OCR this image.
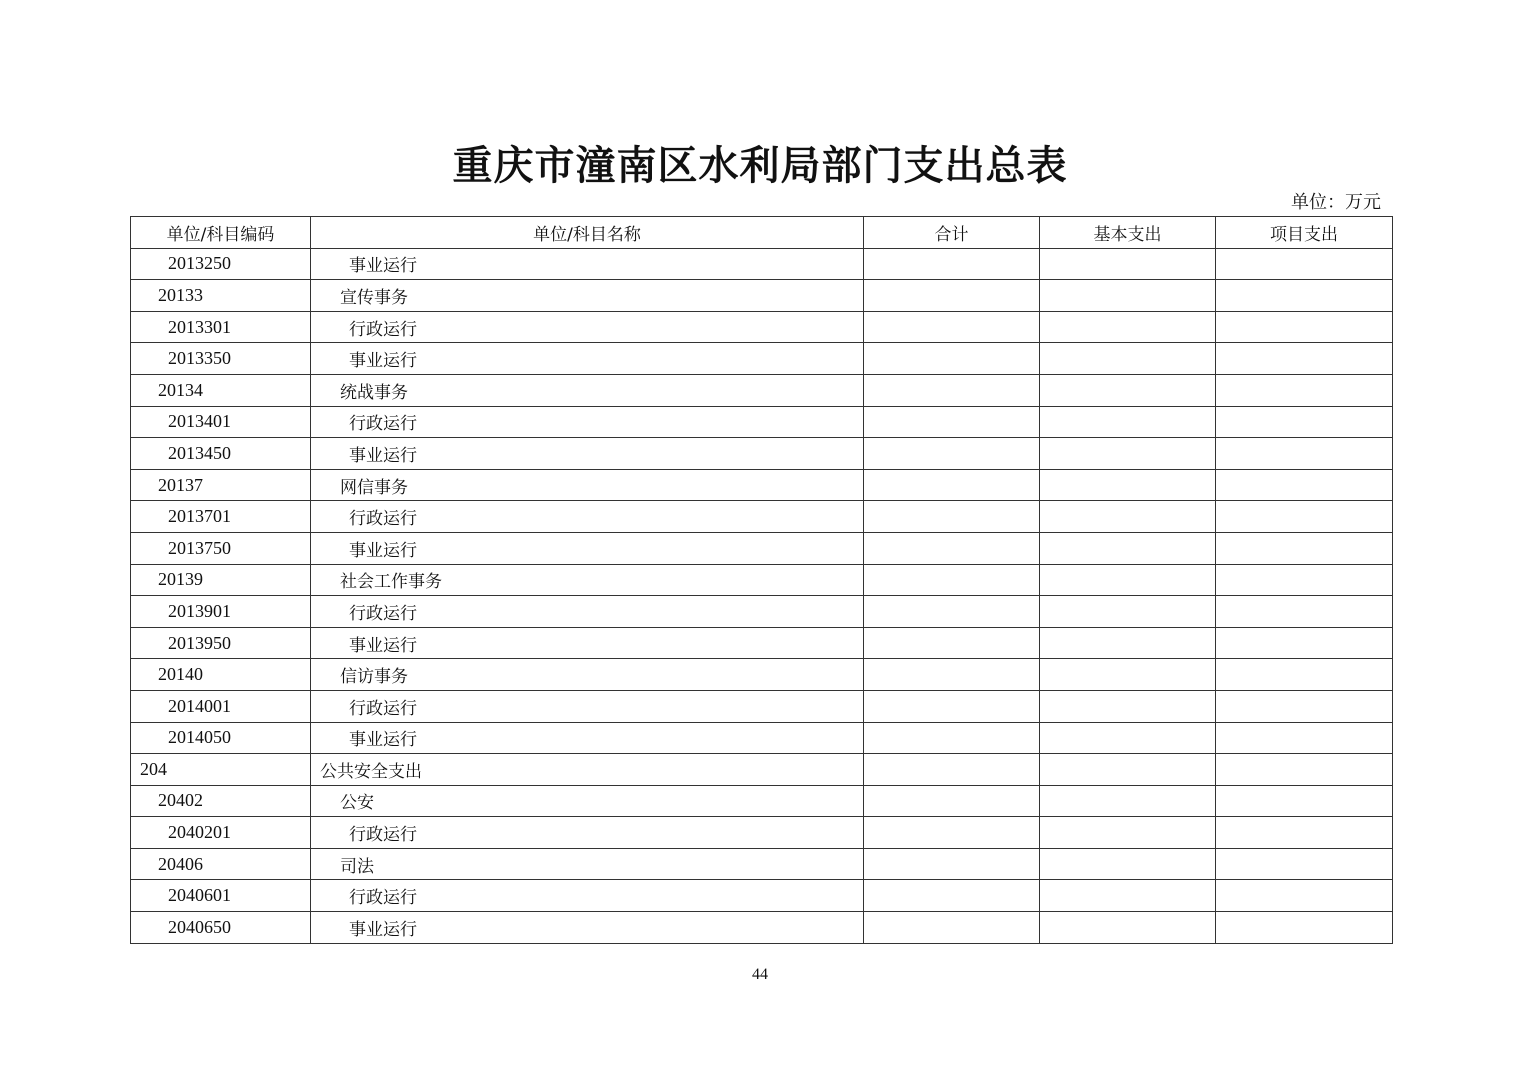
重庆市潼南区水利局部门支出总表
单位：万元
单位/科目编码	单位/科目名称	合计	基本支出	项目支出
2013250	事业运行			
20133	宣传事务			
2013301	行政运行			
2013350	事业运行			
20134	统战事务			
2013401	行政运行			
2013450	事业运行			
20137	网信事务			
2013701	行政运行			
2013750	事业运行			
20139	社会工作事务			
2013901	行政运行			
2013950	事业运行			
20140	信访事务			
2014001	行政运行			
2014050	事业运行			
204	公共安全支出			
20402	公安			
2040201	行政运行			
20406	司法			
2040601	行政运行			
2040650	事业运行			
44
